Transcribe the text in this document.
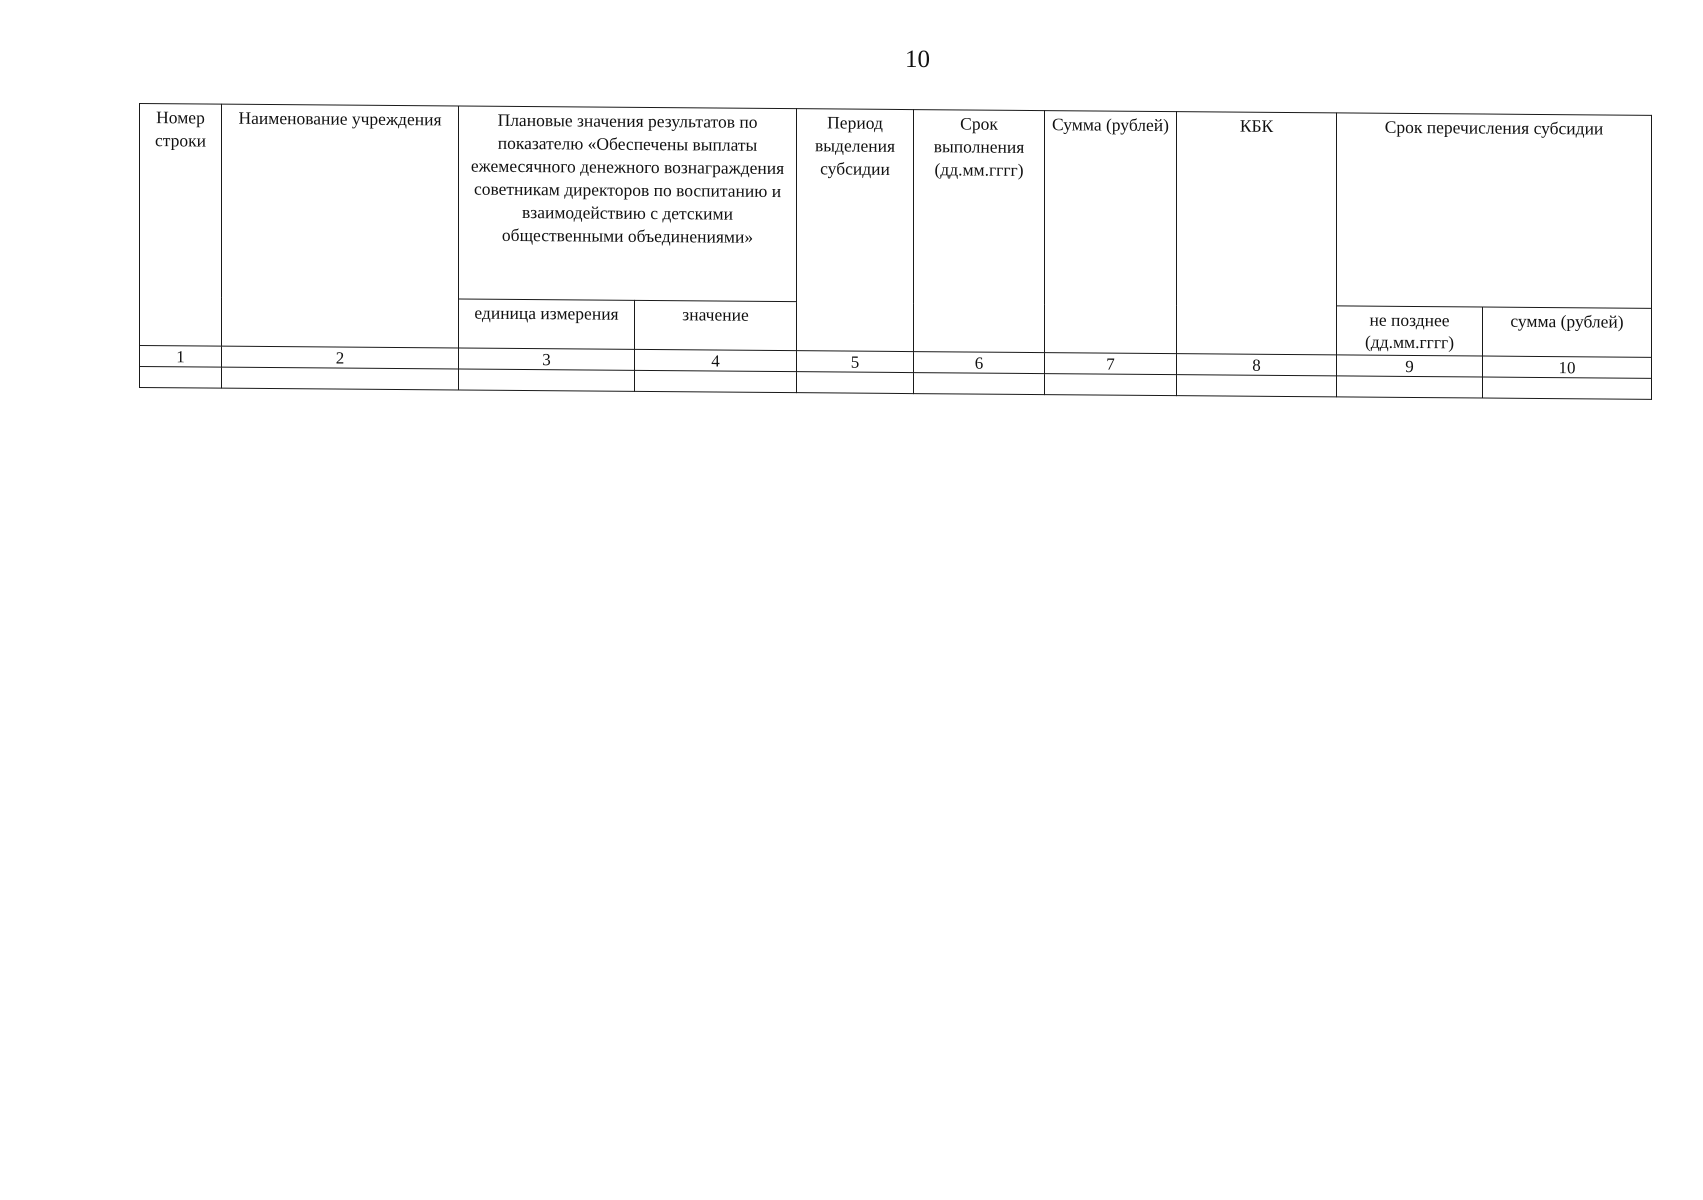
10
Номер строки	Наименование учреждения	Плановые значения результатов по показателю «Обеспечены выплаты ежемесячного денежного вознаграждения советникам директоров по воспитанию и взаимодействию с детскими общественными объединениями»		Период выделения субсидии	Срок выполнения (дд.мм.гггг)	Сумма (рублей)	КБК	Срок перечисления субсидии	
		единица измерения	значение					не позднее (дд.мм.гггг)	сумма (рублей)
1	2	3	4	5	6	7	8	9	10
